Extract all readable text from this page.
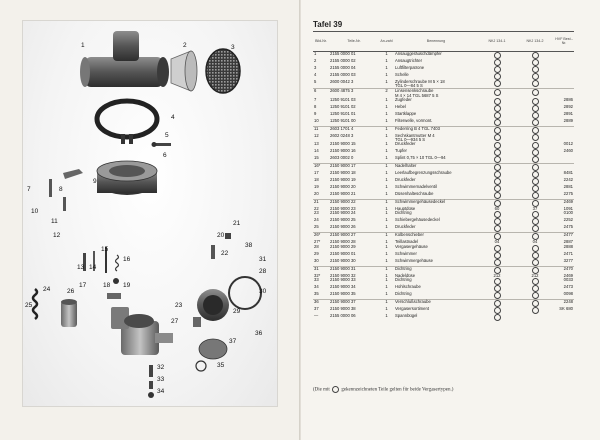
1	2	3
4
5
6
7	8
9
10
11
12
13 14
15
16
17	18 19
20
21
22
23
24
25
26
27
28
29
30
31
32
33
34
35
36
37
38
Tafel 39
Bild-Nr.	Teile-Nr.	An-zahl	Benennung	NKJ 134-1	NKJ 134-2	HVF Best.-Nr.
1	2155 0000 01	1	Ansauggeräuschdämpfer			

2	2155 0000 02	1	Ansaugtrichter			

3	2155 0000 04	1	Luftfilterpatrone			

4	2155 0000 03	1	Schelle			

5	2600 0042 3	1	Zylinderschraube M 5 × 18
TGL 0—84 5 S			

6	2600 4875 3	2	Linsensenkschraube
M 4 × 14 TGL 5687 5 S			

7	1250 9101 03	1	Zugfeder			2886
8	1250 9101 02	1	Hebel			2892
9	1250 9101 01	1	Startklappe			2891
10	1250 9101 00	1	Filterwelle, vormont.			2889
11	2603 1701 4	1	Federring B 4 TGL 7403			

12	2602 0248 3	1	Sechskantmutter M 4
TGL 0—934 5 S			

13	2150 9000 15	1	Druckfeder			0012
14	2150 9000 16	1	Tupfer			2460
15	2603 0002 0	1	Splint 0,75 × 10 TGL 0—94			

16*	2150 9000 17	1	Nadelhalter			

17	2150 9000 18	1	Leerlaufbegrenzungsschraube			8481
18	2150 9000 19	1	Druckfeder			2242
19	2150 9000 20	1	Schwimmernadelventil			2881
20	2150 9000 21	1	Düsenhalteschraube			2275
21	2150 9000 22	1	Schwimmergehäusedeckel			2469
22	2150 9000 23	1	Hauptdüse	60	37	1091
23	2150 9000 24	1	Dichtring			0100
24	2150 9000 25	1	Schiebergehäusedeckel			2252
25	2150 9000 26	1	Druckfeder			2475
26*	2150 9000 27	1	Kolbenschieber			2477
27*	2150 9000 28	1	Teillastnadel	04	04	2887
28	2150 9000 29	1	Vergasergehäuse			2888
29	2150 9000 01	1	Schwimmer			2471
30	2150 9000 30	1	Schwimmergehäuse			3277
31	2150 9000 31	1	Dichtring			2470
32*	2150 9000 32	1	Nadeldüse	212	212	2469
33	2150 9000 33	1	Dichtring			0033
34	2150 9000 34	1	Hohlschraube			2473
35	2150 9000 35	1	Dichtring			0098
36	2150 9000 37	1	Verschlußschraube			2248
37	2150 9000 38	1	Vergasersortiment			SK 680
—	2155 0000 06	1	Spannbügel			

(Die mit gekennzeichneten Teile gelten für beide Vergasertypen.)
